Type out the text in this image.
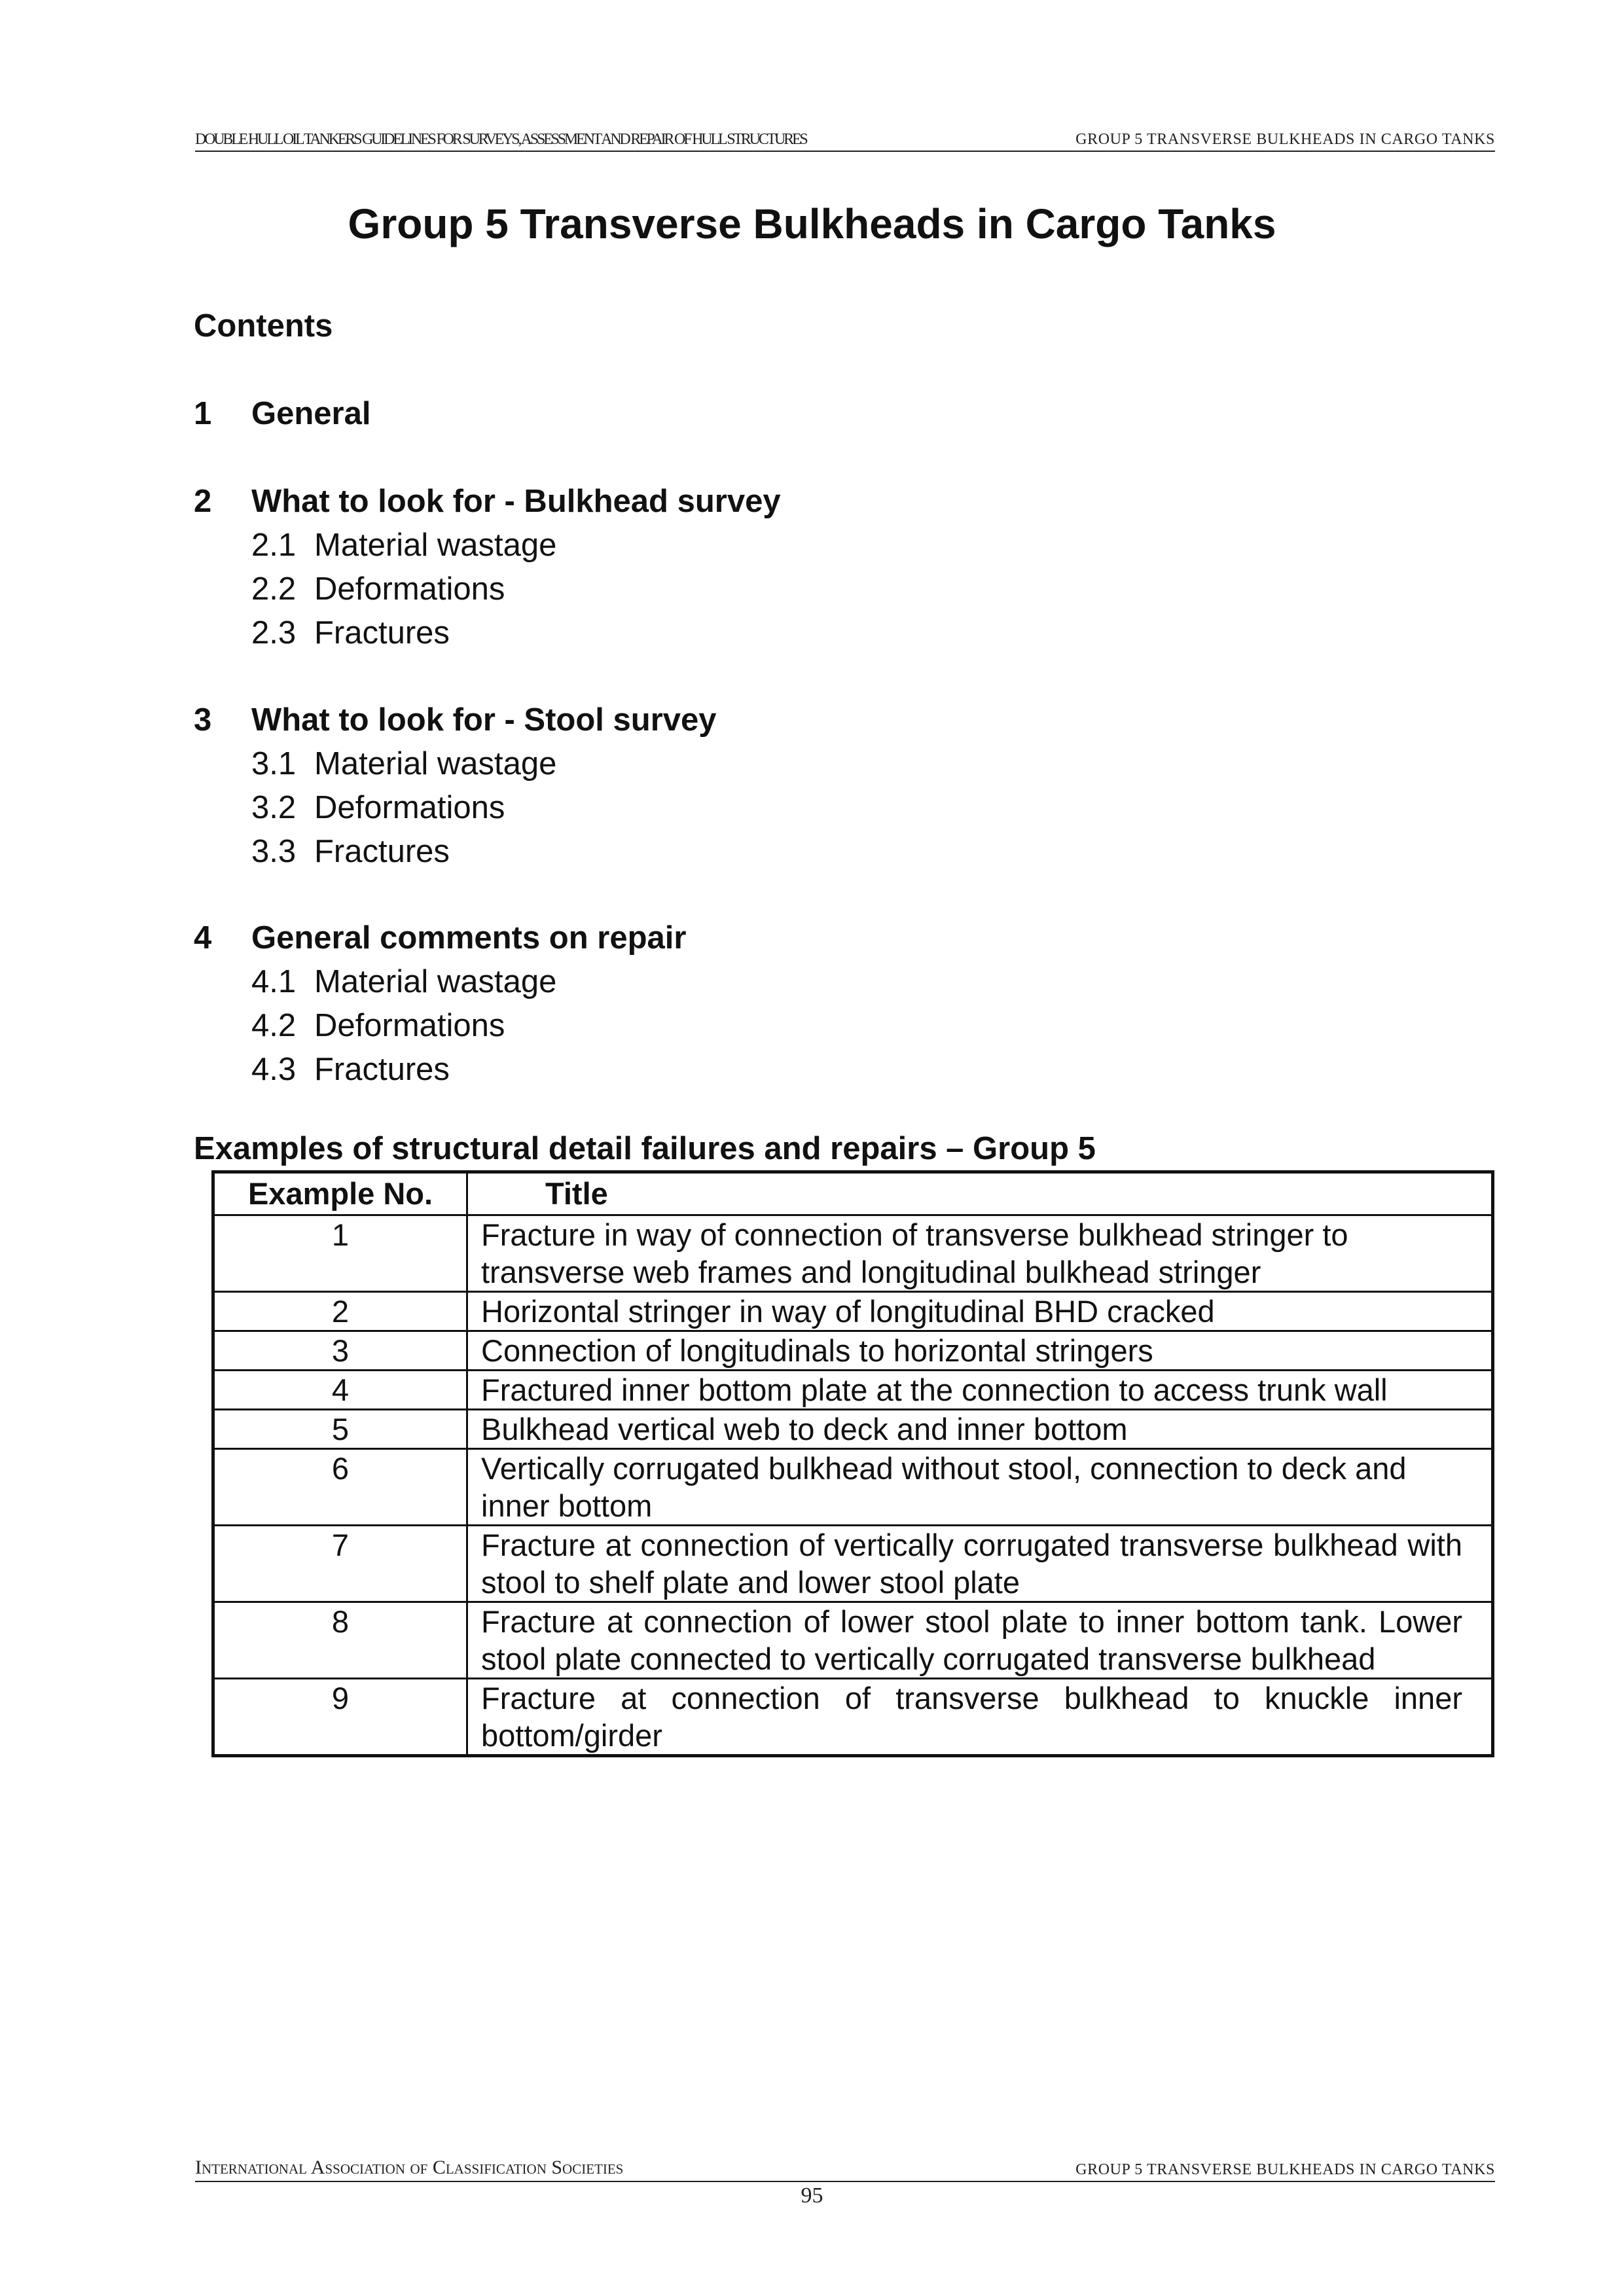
DOUBLE HULL OIL TANKERS GUIDELINES FOR SURVEYS, ASSESSMENT AND REPAIR OF HULL STRUCTURES	GROUP 5 TRANSVERSE BULKHEADS IN CARGO TANKS
Group 5 Transverse Bulkheads in Cargo Tanks
Contents
1 General
2 What to look for - Bulkhead survey
2.1 Material wastage
2.2 Deformations
2.3 Fractures
3 What to look for - Stool survey
3.1 Material wastage
3.2 Deformations
3.3 Fractures
4 General comments on repair
4.1 Material wastage
4.2 Deformations
4.3 Fractures
Examples of structural detail failures and repairs – Group 5
Example No.	Title
1	Fracture in way of connection of transverse bulkhead stringer to transverse web frames and longitudinal bulkhead stringer
2	Horizontal stringer in way of longitudinal BHD cracked
3	Connection of longitudinals to horizontal stringers
4	Fractured inner bottom plate at the connection to access trunk wall
5	Bulkhead vertical web to deck and inner bottom
6	Vertically corrugated bulkhead without stool, connection to deck and inner bottom
7	Fracture at connection of vertically corrugated transverse bulkhead with stool to shelf plate and lower stool plate
8	Fracture at connection of lower stool plate to inner bottom tank. Lower stool plate connected to vertically corrugated transverse bulkhead
9	Fracture at connection of transverse bulkhead to knuckle inner bottom/girder
International Association of Classification Societies	GROUP 5 TRANSVERSE BULKHEADS IN CARGO TANKS
95
